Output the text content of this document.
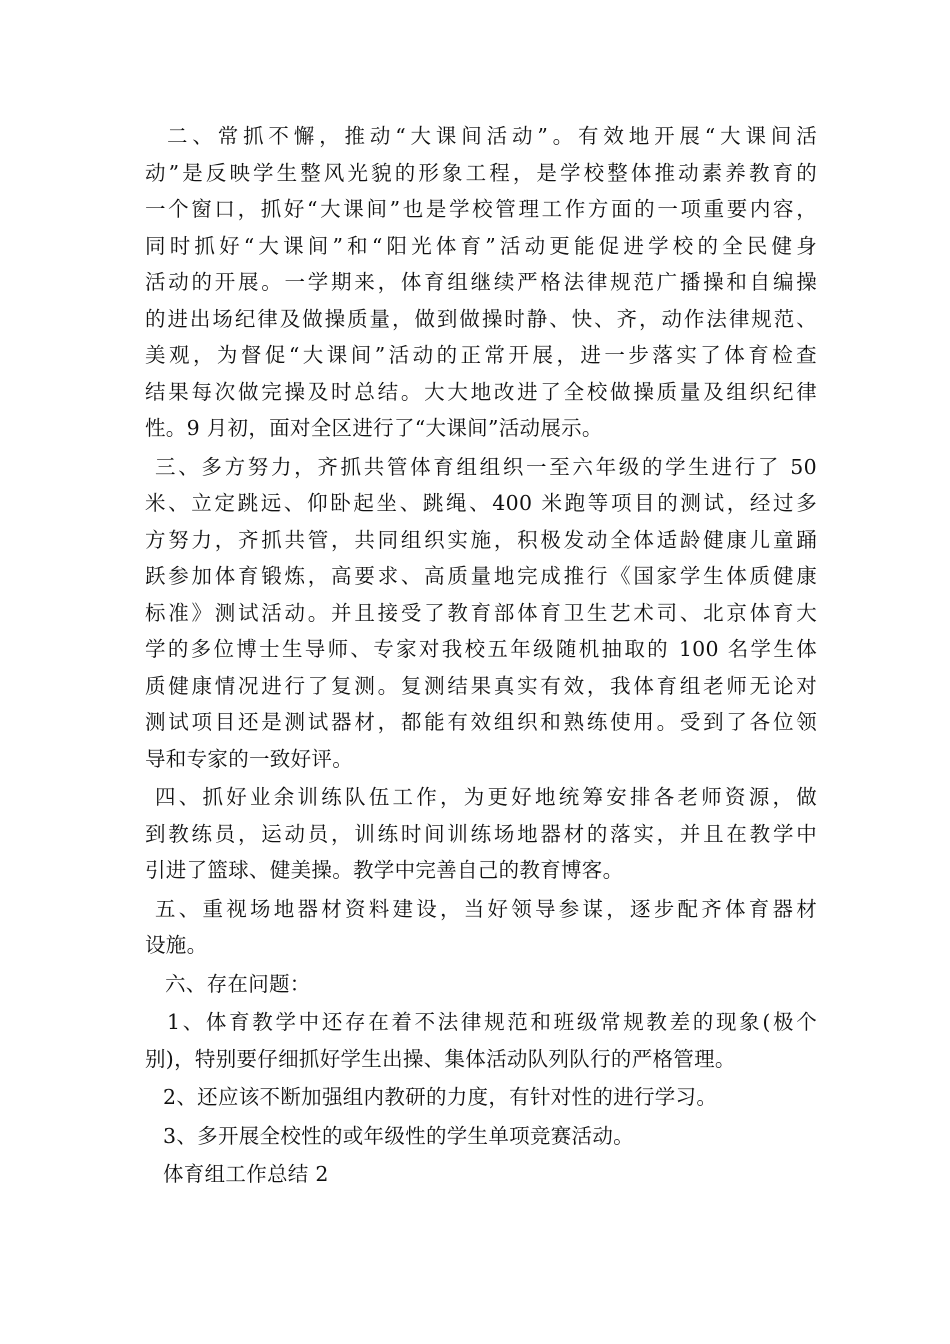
二、常抓不懈，推动“大课间活动”。有效地开展“大课间活
动”是反映学生整风光貌的形象工程，是学校整体推动素养教育的
一个窗口，抓好“大课间”也是学校管理工作方面的一项重要内容，
同时抓好“大课间”和“阳光体育”活动更能促进学校的全民健身
活动的开展。一学期来，体育组继续严格法律规范广播操和自编操
的进出场纪律及做操质量，做到做操时静、快、齐，动作法律规范、
美观，为督促“大课间”活动的正常开展，进一步落实了体育检查
结果每次做完操及时总结。大大地改进了全校做操质量及组织纪律
性。9 月初，面对全区进行了“大课间”活动展示。
三、多方努力，齐抓共管体育组组织一至六年级的学生进行了 50
米、立定跳远、仰卧起坐、跳绳、400 米跑等项目的测试，经过多
方努力，齐抓共管，共同组织实施，积极发动全体适龄健康儿童踊
跃参加体育锻炼，高要求、高质量地完成推行《国家学生体质健康
标准》测试活动。并且接受了教育部体育卫生艺术司、北京体育大
学的多位博士生导师、专家对我校五年级随机抽取的 100 名学生体
质健康情况进行了复测。复测结果真实有效，我体育组老师无论对
测试项目还是测试器材，都能有效组织和熟练使用。受到了各位领
导和专家的一致好评。
四、抓好业余训练队伍工作，为更好地统筹安排各老师资源，做
到教练员，运动员，训练时间训练场地器材的落实，并且在教学中
引进了篮球、健美操。教学中完善自己的教育博客。
五、重视场地器材资料建设，当好领导参谋，逐步配齐体育器材
设施。
六、存在问题：
1、体育教学中还存在着不法律规范和班级常规教差的现象(极个
别)，特别要仔细抓好学生出操、集体活动队列队行的严格管理。
2、还应该不断加强组内教研的力度，有针对性的进行学习。
3、多开展全校性的或年级性的学生单项竞赛活动。
体育组工作总结 2
